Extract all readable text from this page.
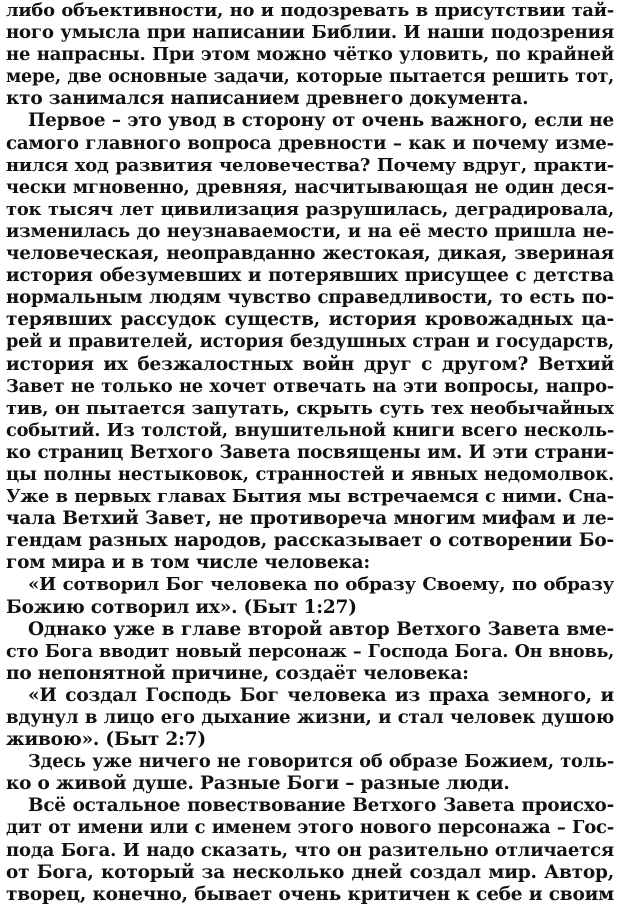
либо объективности, но и подозревать в присутствии тай-
ного умысла при написании Библии. И наши подозрения
не напрасны. При этом можно чётко уловить, по крайней
мере, две основные задачи, которые пытается решить тот,
кто занимался написанием древнего документа.
Первое – это увод в сторону от очень важного, если не
самого главного вопроса древности – как и почему изме-
нился ход развития человечества? Почему вдруг, практи-
чески мгновенно, древняя, насчитывающая не один деся-
ток тысяч лет цивилизация разрушилась, деградировала,
изменилась до неузнаваемости, и на её место пришла не-
человеческая, неоправданно жестокая, дикая, звериная
история обезумевших и потерявших присущее с детства
нормальным людям чувство справедливости, то есть по-
терявших рассудок существ, история кровожадных ца-
рей и правителей, история бездушных стран и государств,
история их безжалостных войн друг с другом? Ветхий
Завет не только не хочет отвечать на эти вопросы, напро-
тив, он пытается запутать, скрыть суть тех необычайных
событий. Из толстой, внушительной книги всего несколь-
ко страниц Ветхого Завета посвящены им. И эти страни-
цы полны нестыковок, странностей и явных недомолвок.
Уже в первых главах Бытия мы встречаемся с ними. Сна-
чала Ветхий Завет, не противореча многим мифам и ле-
гендам разных народов, рассказывает о сотворении Бо-
гом мира и в том числе человека:
«И сотворил Бог человека по образу Своему, по образу
Божию сотворил их». (Быт 1:27)
Однако уже в главе второй автор Ветхого Завета вме-
сто Бога вводит новый персонаж – Господа Бога. Он вновь,
по непонятной причине, создаёт человека:
«И создал Господь Бог человека из праха земного, и
вдунул в лицо его дыхание жизни, и стал человек душою
живою». (Быт 2:7)
Здесь уже ничего не говорится об образе Божием, толь-
ко о живой душе. Разные Боги – разные люди.
Всё остальное повествование Ветхого Завета происхо-
дит от имени или с именем этого нового персонажа – Гос-
пода Бога. И надо сказать, что он разительно отличается
от Бога, который за несколько дней создал мир. Автор,
творец, конечно, бывает очень критичен к себе и своим
